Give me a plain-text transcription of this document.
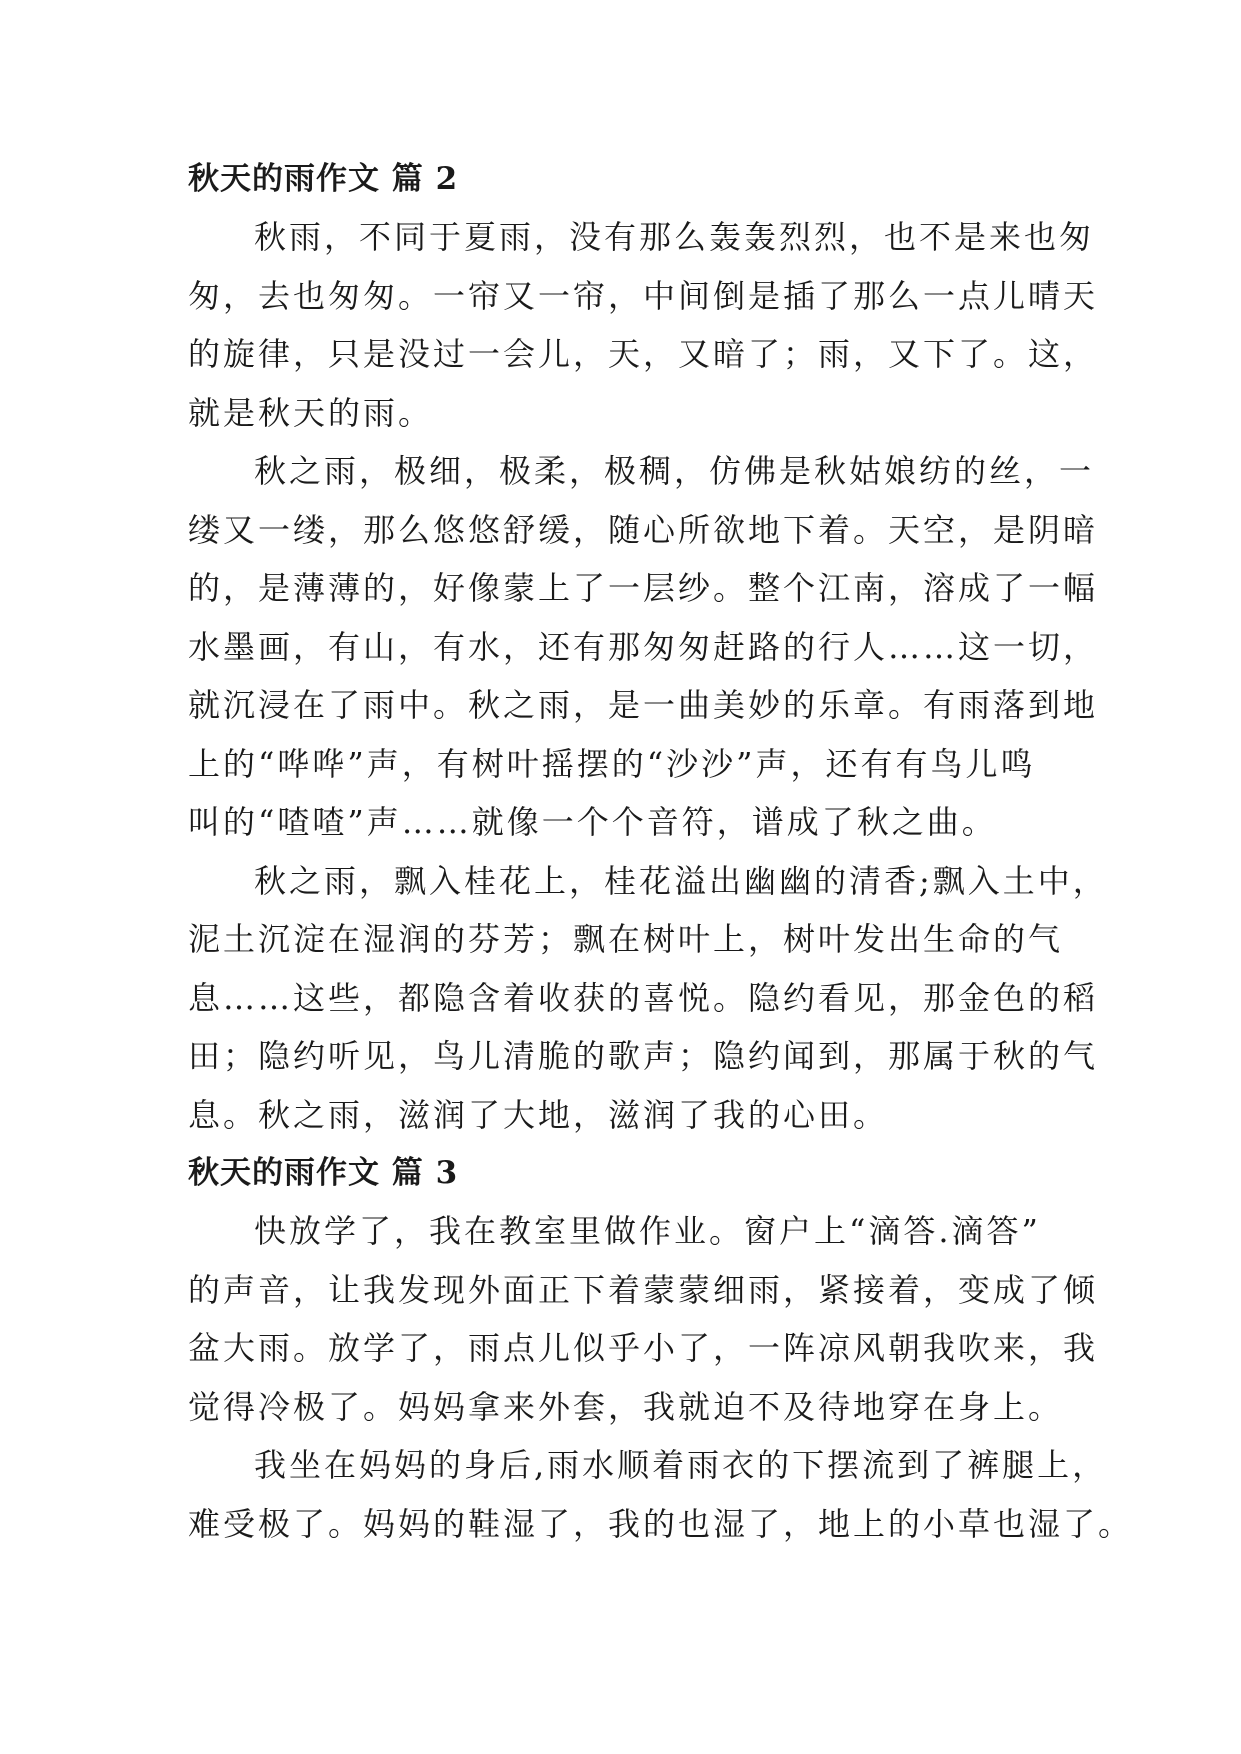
秋天的雨作文 篇 2

秋雨，不同于夏雨，没有那么轰轰烈烈，也不是来也匆
匆，去也匆匆。一帘又一帘，中间倒是插了那么一点儿晴天
的旋律，只是没过一会儿，天，又暗了；雨，又下了。这，
就是秋天的雨。

秋之雨，极细，极柔，极稠，仿佛是秋姑娘纺的丝，一
缕又一缕，那么悠悠舒缓，随心所欲地下着。天空，是阴暗
的，是薄薄的，好像蒙上了一层纱。整个江南，溶成了一幅
水墨画，有山，有水，还有那匆匆赶路的行人……这一切，
就沉浸在了雨中。秋之雨，是一曲美妙的乐章。有雨落到地
上的“哗哗”声，有树叶摇摆的“沙沙”声，还有有鸟儿鸣
叫的“喳喳”声……就像一个个音符，谱成了秋之曲。

秋之雨，飘入桂花上，桂花溢出幽幽的清香;飘入土中，
泥土沉淀在湿润的芬芳；飘在树叶上，树叶发出生命的气
息……这些，都隐含着收获的喜悦。隐约看见，那金色的稻
田；隐约听见，鸟儿清脆的歌声；隐约闻到，那属于秋的气
息。秋之雨，滋润了大地，滋润了我的心田。

秋天的雨作文 篇 3

快放学了，我在教室里做作业。窗户上“滴答.滴答”
的声音，让我发现外面正下着蒙蒙细雨，紧接着，变成了倾
盆大雨。放学了，雨点儿似乎小了，一阵凉风朝我吹来，我
觉得冷极了。妈妈拿来外套，我就迫不及待地穿在身上。

我坐在妈妈的身后,雨水顺着雨衣的下摆流到了裤腿上，
难受极了。妈妈的鞋湿了，我的也湿了，地上的小草也湿了。
